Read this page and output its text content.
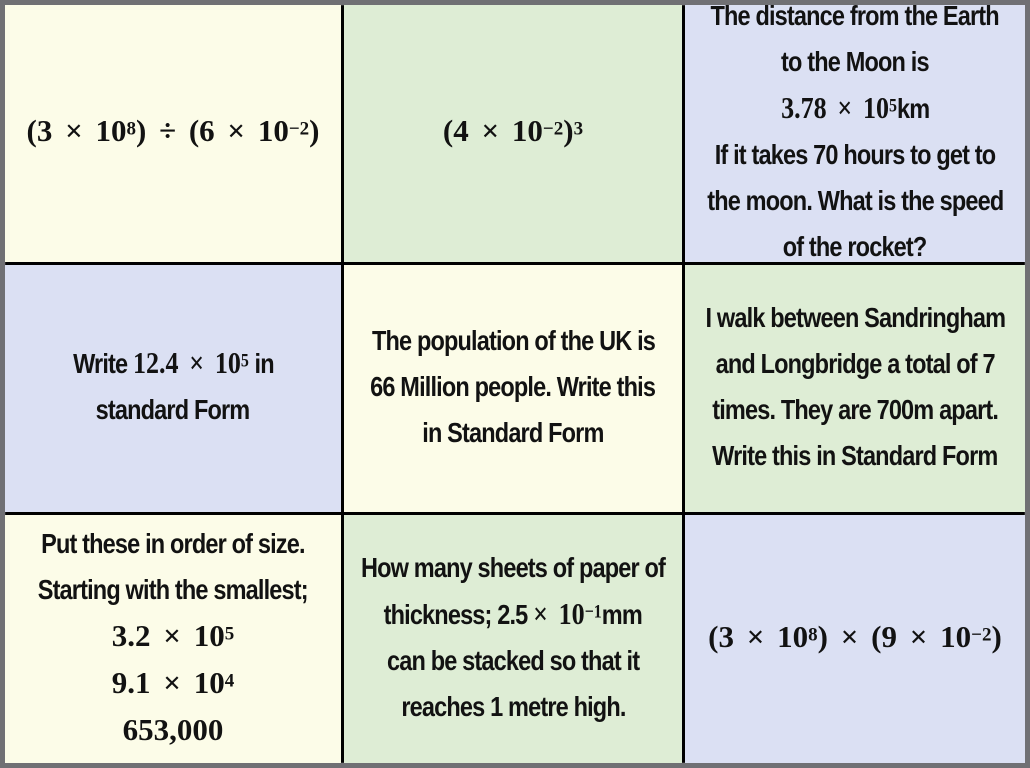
$(3 \times 10^8) \div (6 \times 10^{-2})$	$(4 \times 10^{-2})^3$
The distance from the Earth
to the Moon is
$3.78 \times 10^5km$
If it takes 70 hours to get to
the moon. What is the speed
of the rocket?
Write $12.4 \times 10^5$ in
standard Form
The population of the UK is
66 Million people. Write this
in Standard Form
I walk between Sandringham
and Longbridge a total of 7
times. They are 700m apart.
Write this in Standard Form
Put these in order of size.
Starting with the smallest;
$3.2 \times 10^5$
$9.1 \times 10^4$
653,000
How many sheets of paper of
thickness; $2.5 \times 10^{-1}mm$
can be stacked so that it
reaches 1 metre high.
$(3 \times 10^8) \times (9 \times 10^{-2})$
